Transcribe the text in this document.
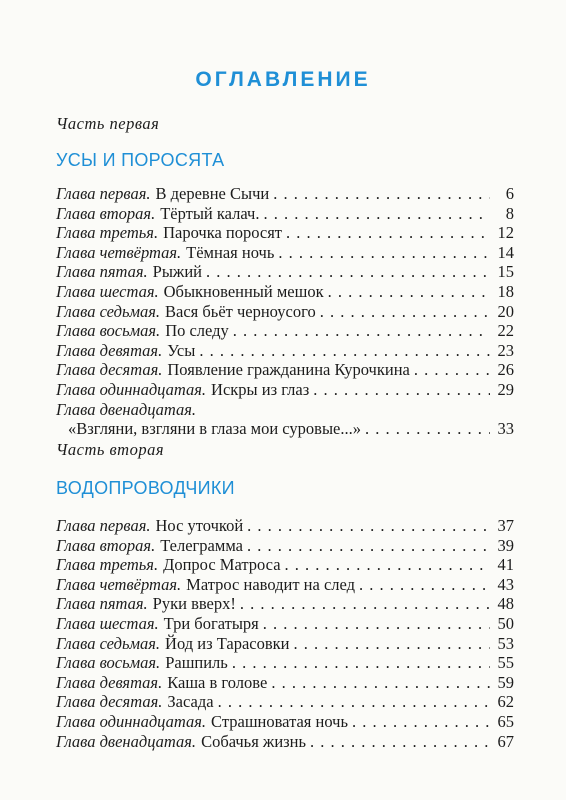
ОГЛАВЛЕНИЕ
Часть первая
УСЫ И ПОРОСЯТА
Глава первая. В деревне Сычи . . .	6
Глава вторая. Тёртый калач. . . .	8
Глава третья. Парочка поросят . . .	12
Глава четвёртая. Тёмная ночь . . .	14
Глава пятая. Рыжий . . .	15
Глава шестая. Обыкновенный мешок . . .	18
Глава седьмая. Вася бьёт черноусого . . .	20
Глава восьмая. По следу . . .	22
Глава девятая. Усы . . .	23
Глава десятая. Появление гражданина Курочкина . . .	26
Глава одиннадцатая. Искры из глаз . . .	29
Глава двенадцатая.
«Взгляни, взгляни в глаза мои суровые...» . . .	33
Часть вторая
ВОДОПРОВОДЧИКИ
Глава первая. Нос уточкой . . .	37
Глава вторая. Телеграмма . . .	39
Глава третья. Допрос Матроса . . .	41
Глава четвёртая. Матрос наводит на след . . .	43
Глава пятая. Руки вверх! . . .	48
Глава шестая. Три богатыря . . .	50
Глава седьмая. Йод из Тарасовки . . .	53
Глава восьмая. Рашпиль . . .	55
Глава девятая. Каша в голове . . .	59
Глава десятая. Засада . . .	62
Глава одиннадцатая. Страшноватая ночь . . .	65
Глава двенадцатая. Собачья жизнь . . .	67
